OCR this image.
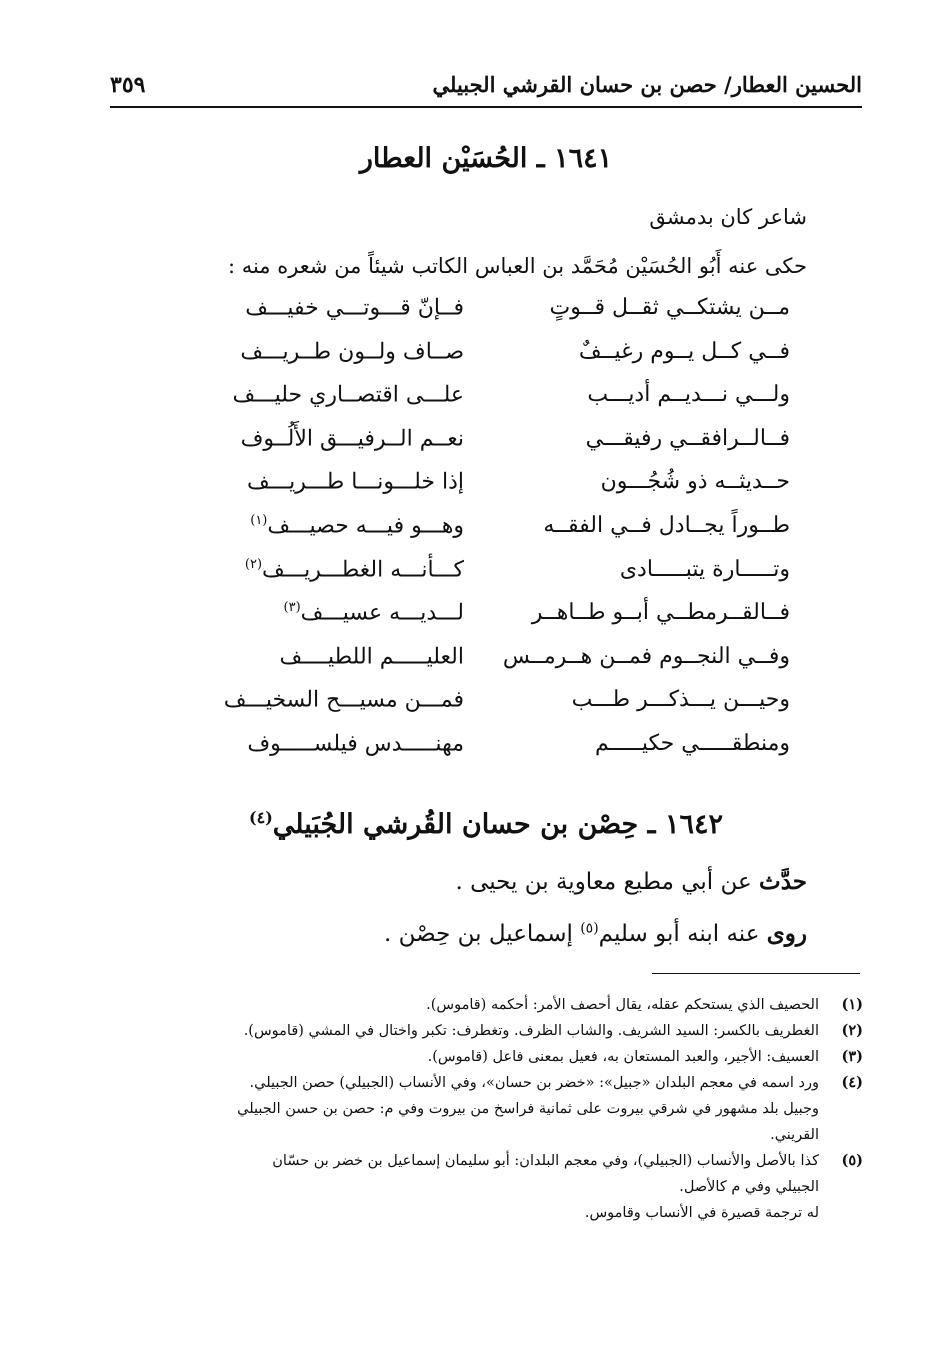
الحسين العطار/ حصن بن حسان القرشي الجبيلي
٣٥٩
١٦٤١ ـ الحُسَيْن العطار
شاعر كان بدمشق
حكى عنه أَبُو الحُسَيْن مُحَمَّد بن العباس الكاتب شيئاً من شعره منه :
مــن يشتكــي ثقــل قــوتٍ
فــإنّ قـــوتـــي خفيـــف
فــي كــل يــوم رغيــفٌ
صــاف ولــون طــريـــف
ولـــي نـــديــم أديـــب
علـــى اقتصــاري حليـــف
فــالــرافقــي رفيقـــي
نعــم الــرفيـــق الأَلُــوف
حــديثــه ذو شُجُـــون
إذا خلـــونـــا طـــريـــف
طــوراً يجــادل فــي الفقــه
وهـــو فيـــه حصيـــف$^{(١)}$
وتـــــارة يتبـــــادى
كـــأنـــه الغطـــريـــف$^{(٢)}$
فــالقــرمطــي أبــو طــاهــر
لـــديـــه عسيـــف$^{(٣)}$
وفــي النجــوم فمــن هــرمــس
العليـــــم اللطيــــف
وحيـــن يـــذكـــر طـــب
فمـــن مسيـــح السخيـــف
ومنطقـــــي حكيـــــم
مهنـــــدس فيلســـــوف
١٦٤٢ ـ حِصْن بن حسان القُرشي الجُبَيلي$^{(٤)}$
حدَّث عن أبي مطيع معاوية بن يحيى .
روى عنه ابنه أبو سليم$^{(٥)}$ إسماعيل بن حِصْن .
(١)
الحصيف الذي يستحكم عقله، يقال أحصف الأمر: أحكمه (قاموس).
(٢)
الغطريف بالكسر: السيد الشريف. والشاب الظرف. وتغطرف: تكبر واختال في المشي (قاموس).
(٣)
العسيف: الأجير، والعبد المستعان به، فعيل بمعنى فاعل (قاموس).
(٤)
ورد اسمه في معجم البلدان «جبيل»: «خضر بن حسان»، وفي الأنساب (الجبيلي) حصن الجبيلي.
وجبيل بلد مشهور في شرقي بيروت على ثمانية فراسخ من بيروت وفي م: حصن بن حسن الجبيلي
القريني.
(٥)
كذا بالأصل والأنساب (الجبيلي)، وفي معجم البلدان: أبو سليمان إسماعيل بن خضر بن حسّان
الجبيلي وفي م كالأصل.
له ترجمة قصيرة في الأنساب وقاموس.
